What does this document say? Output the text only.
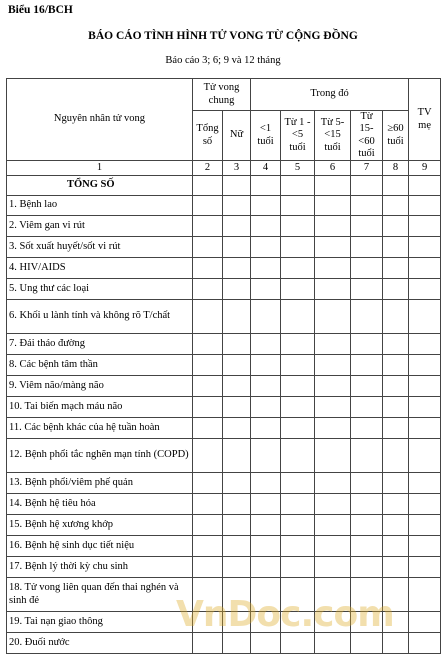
Biểu 16/BCH
BÁO CÁO TÌNH HÌNH TỬ VONG TỪ CỘNG ĐỒNG
Báo cáo 3; 6; 9 và 12 tháng
Nguyên nhân tử vong	Tử vong chung		Trong đó					TV mẹ
	Tổng số	Nữ	<1 tuổi	Từ 1 -<5 tuổi	Từ 5-<15 tuổi	Từ 15-<60 tuổi	≥60 tuổi	
1	2	3	4	5	6	7	8	9
TỔNG SỐ								
1. Bệnh lao								
2. Viêm gan vi rút								
3. Sốt xuất huyết/sốt vi rút								
4. HIV/AIDS								
5. Ung thư các loại								
6. Khối u lành tính và không rõ T/chất								
7. Đái tháo đường								
8. Các bệnh tâm thần								
9. Viêm não/màng não								
10. Tai biến mạch máu não								
11. Các bệnh khác của hệ tuần hoàn								
12. Bệnh phổi tắc nghẽn mạn tính (COPD)								
13. Bệnh phổi/viêm phế quản								
14. Bệnh hệ tiêu hóa								
15. Bệnh hệ xương khớp								
16. Bệnh hệ sinh dục tiết niệu								
17. Bệnh lý thời kỳ chu sinh								
18. Tử vong liên quan đến thai nghén và sinh đẻ								
19. Tai nạn giao thông								
20. Đuối nước								
VnDoc.com
